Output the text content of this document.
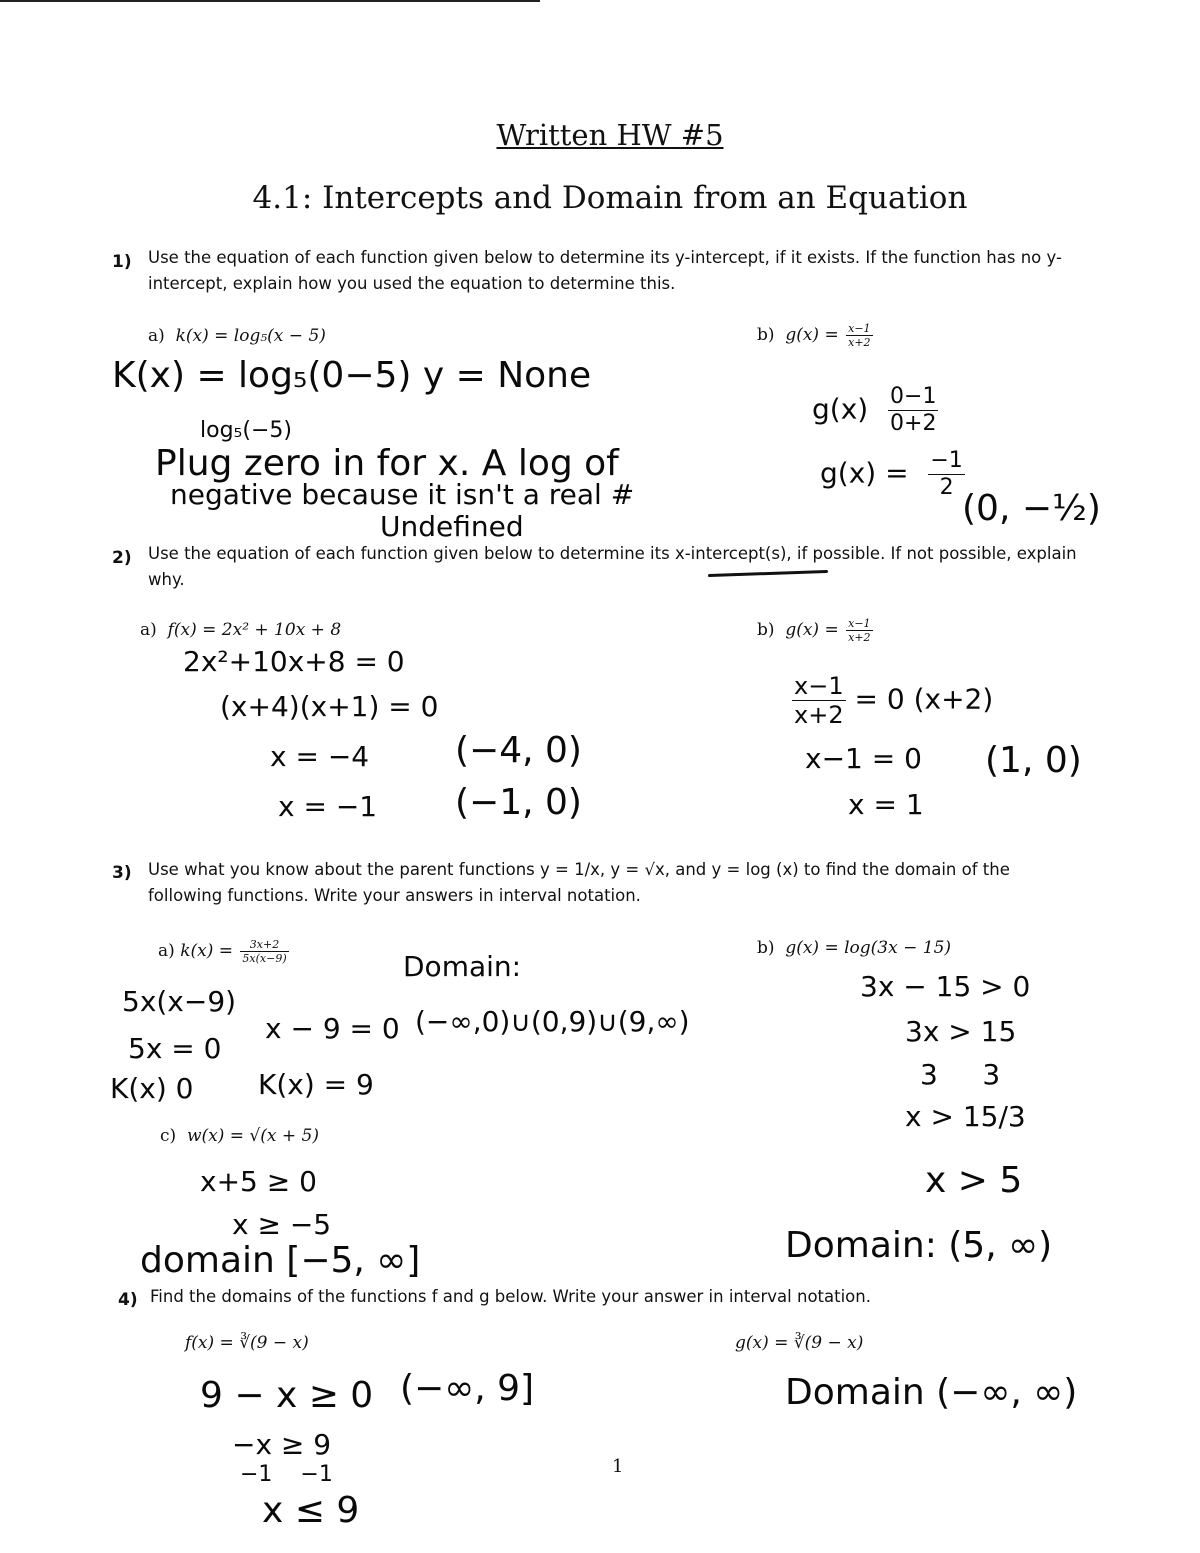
Written HW #5
4.1: Intercepts and Domain from an Equation
1) Use the equation of each function given below to determine its y-intercept, if it exists. If the function has no y-intercept, explain how you used the equation to determine this.
a) k(x) = log₅(x − 5)	b) $g(x) = \frac{x-1}{x+2}$
K(x) = log₅(0−5) y = None
log₅(−5)
Plug zero in for x. A log of
negative because it isn't a real #
Undefined
$g(x) \frac{0-1}{0+2}$
$g(x) = \frac{-1}{2}$
(0, −½)
2) Use the equation of each function given below to determine its x-intercept(s), if possible. If not possible, explain why.
a) f(x) = 2x² + 10x + 8	b) $g(x) = \frac{x-1}{x+2}$
2x²+10x+8 = 0
(x+4)(x+1) = 0
x = −4 (−4, 0)
x = −1 (−1, 0)
$\frac{x-1}{x+2} = 0$ (x+2)
x−1 = 0 (1, 0)
x = 1
3) Use what you know about the parent functions y = 1/x, y = √x, and y = log (x) to find the domain of the following functions. Write your answers in interval notation.
a) $k(x) = \frac{3x+2}{5x(x-9)}$	b) g(x) = log(3x − 15)
5x(x−9)
5x = 0
x − 9 = 0
K(x) 0 K(x) = 9
Domain:
(−∞,0)∪(0,9)∪(9,∞)
3x − 15 > 0
3x > 15
3     3
x > 15/3
x > 5
Domain: (5, ∞)
c) w(x) = √(x + 5)
x+5 ≥ 0
x ≥ −5
domain [−5, ∞]
4) Find the domains of the functions f and g below. Write your answer in interval notation.
f(x) = ∛(9 − x)	g(x) = ∛(9 − x)
9 − x ≥ 0 (−∞, 9]
−x ≥ 9
−1    −1
x ≤ 9
Domain (−∞, ∞)
1
